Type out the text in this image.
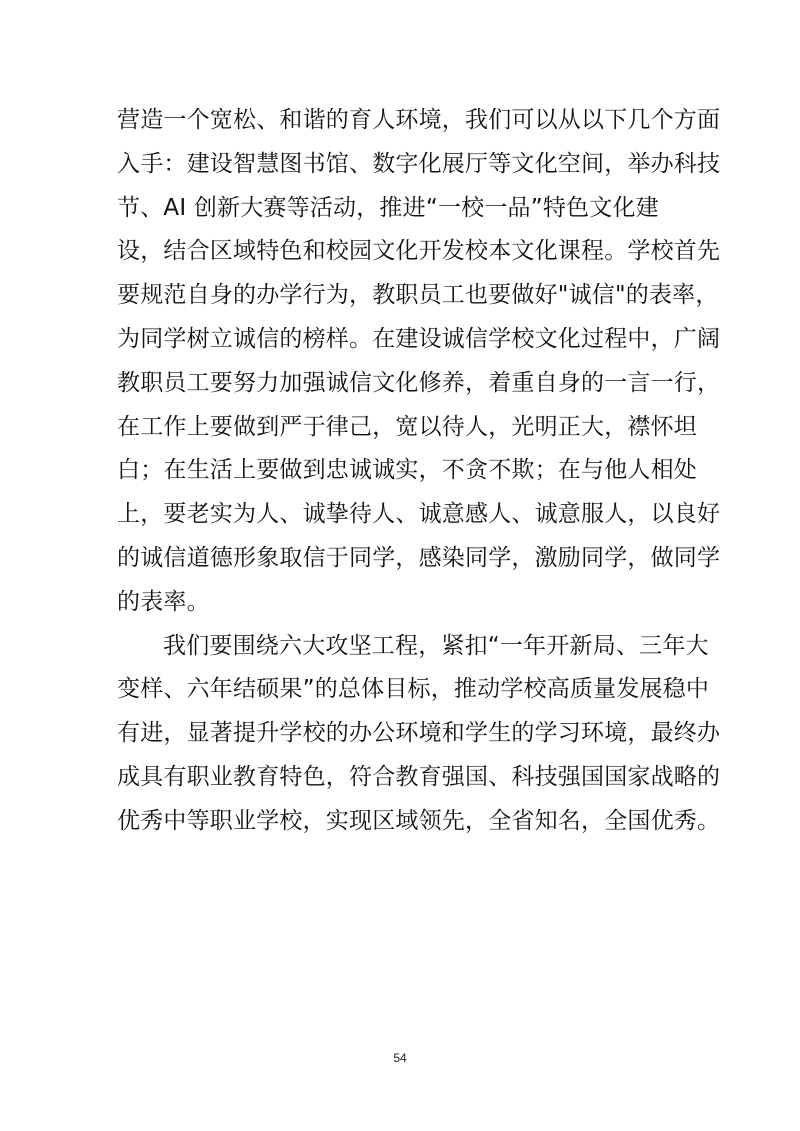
营造一个宽松、和谐的育人环境，我们可以从以下几个方面
入手：建设智慧图书馆、数字化展厅等文化空间，举办科技
节、AI 创新大赛等活动，推进“一校一品”特色文化建
设，结合区域特色和校园文化开发校本文化课程。学校首先
要规范自身的办学行为，教职员工也要做好"诚信"的表率，
为同学树立诚信的榜样。在建设诚信学校文化过程中，广阔
教职员工要努力加强诚信文化修养，着重自身的一言一行，
在工作上要做到严于律己，宽以待人，光明正大，襟怀坦
白；在生活上要做到忠诚诚实，不贪不欺；在与他人相处
上，要老实为人、诚挚待人、诚意感人、诚意服人，以良好
的诚信道德形象取信于同学，感染同学，激励同学，做同学
的表率。
我们要围绕六大攻坚工程，紧扣“一年开新局、三年大
变样、六年结硕果”的总体目标，推动学校高质量发展稳中
有进，显著提升学校的办公环境和学生的学习环境，最终办
成具有职业教育特色，符合教育强国、科技强国国家战略的
优秀中等职业学校，实现区域领先，全省知名，全国优秀。
54
